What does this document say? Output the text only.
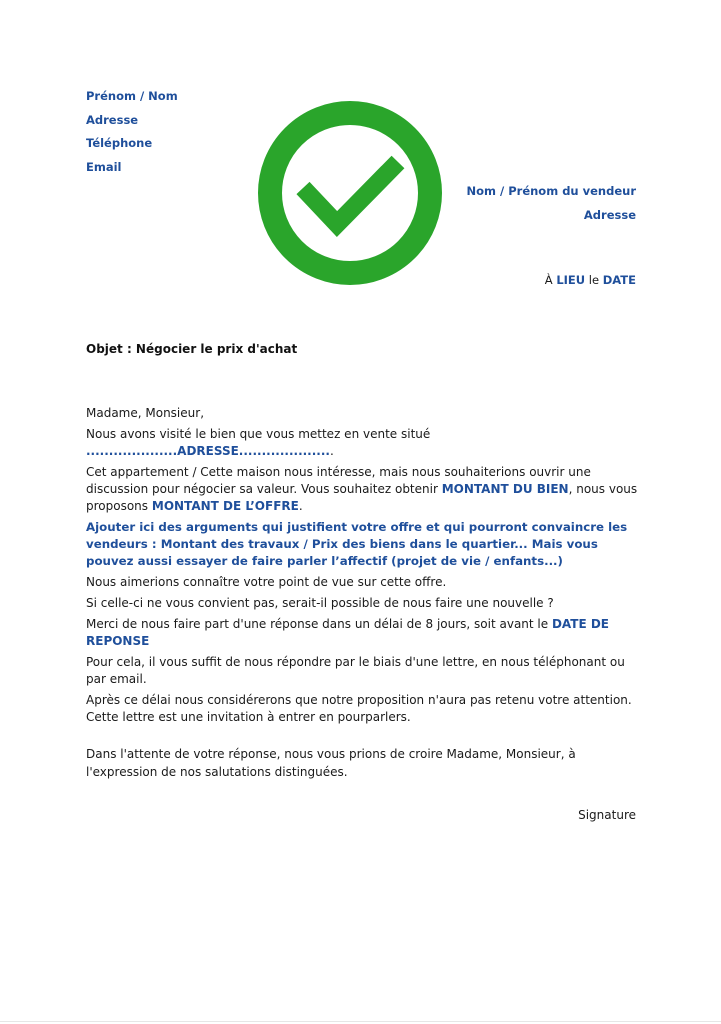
Prénom / Nom
Adresse
Téléphone
Email
Nom / Prénom du vendeur
Adresse
À LIEU le DATE
Objet : Négocier le prix d'achat

Madame, Monsieur,

Nous avons visité le bien que vous mettez en vente situé ....................ADRESSE.....................

Cet appartement / Cette maison nous intéresse, mais nous souhaiterions ouvrir une discussion pour négocier sa valeur. Vous souhaitez obtenir MONTANT DU BIEN, nous vous proposons MONTANT DE L’OFFRE.

Ajouter ici des arguments qui justifient votre offre et qui pourront convaincre les vendeurs : Montant des travaux / Prix des biens dans le quartier... Mais vous pouvez aussi essayer de faire parler l’affectif (projet de vie / enfants...)

Nous aimerions connaître votre point de vue sur cette offre.

Si celle-ci ne vous convient pas, serait-il possible de nous faire une nouvelle ?

Merci de nous faire part d'une réponse dans un délai de 8 jours, soit avant le DATE DE REPONSE

Pour cela, il vous suffit de nous répondre par le biais d'une lettre, en nous téléphonant ou par email.

Après ce délai nous considérerons que notre proposition n'aura pas retenu votre attention. Cette lettre est une invitation à entrer en pourparlers.

Dans l'attente de votre réponse, nous vous prions de croire Madame, Monsieur, à l'expression de nos salutations distinguées.
Signature
